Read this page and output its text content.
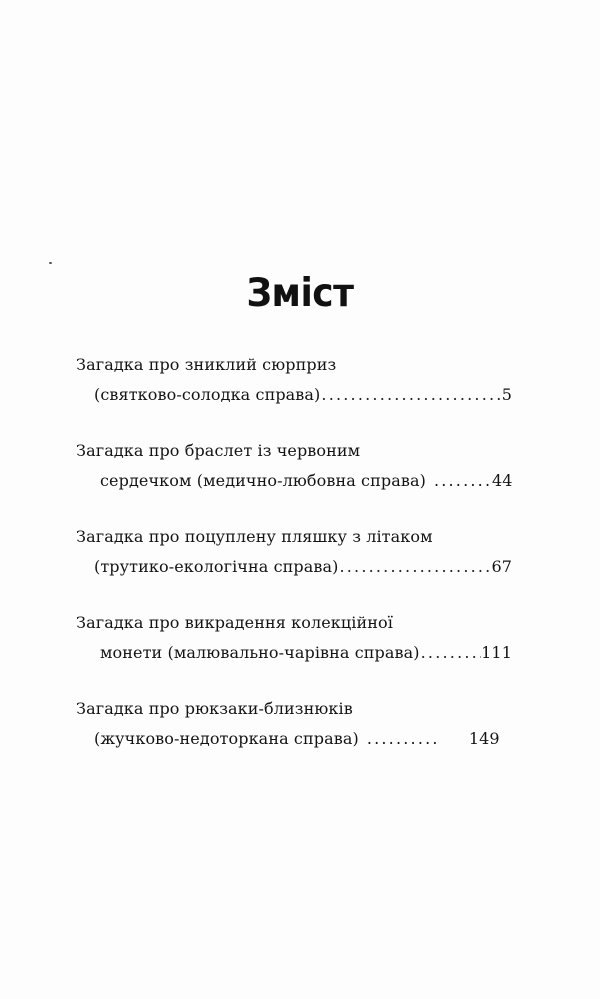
Зміст
Загадка про зниклий сюрприз
(святково-солодка справа) .....	5
Загадка про браслет із червоним
сердечком (медично-любовна справа) .....	44
Загадка про поцуплену пляшку з літаком
(трутико-екологічна справа) .....	67
Загадка про викрадення колекційної
монети (малювально-чарівна справа) .....	111
Загадка про рюкзаки-близнюків
(жучково-недоторкана справа) .....	149
